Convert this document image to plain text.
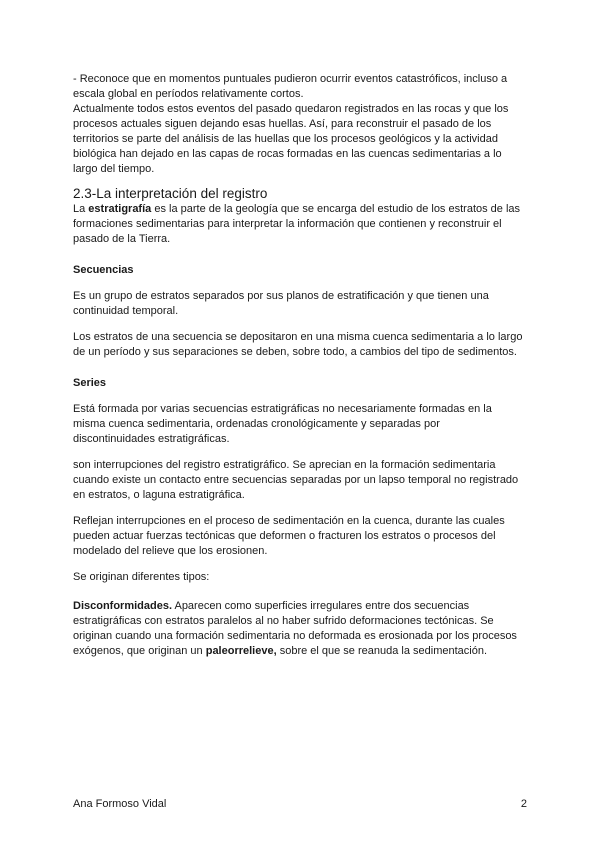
- Reconoce que en momentos puntuales pudieron ocurrir eventos catastróficos, incluso a escala global en períodos relativamente cortos.

Actualmente todos estos eventos del pasado quedaron registrados en las rocas y que los procesos actuales siguen dejando esas huellas. Así, para reconstruir el pasado de los territorios se parte del análisis de las huellas que los procesos geológicos y la actividad biológica han dejado en las capas de rocas formadas en las cuencas sedimentarias a lo largo del tiempo.

2.3-La interpretación del registro

La estratigrafía es la parte de la geología que se encarga del estudio de los estratos de las formaciones sedimentarias para interpretar la información que contienen y reconstruir el pasado de la Tierra.

Secuencias

Es un grupo de estratos separados por sus planos de estratificación y que tienen una continuidad temporal.

Los estratos de una secuencia se depositaron en una misma cuenca sedimentaria a lo largo de un período y sus separaciones se deben, sobre todo, a cambios del tipo de sedimentos.

Series

Está formada por varias secuencias estratigráficas no necesariamente formadas en la misma cuenca sedimentaria, ordenadas cronológicamente y separadas por discontinuidades estratigráficas.

son interrupciones del registro estratigráfico. Se aprecian en la formación sedimentaria cuando existe un contacto entre secuencias separadas por un lapso temporal no registrado en estratos, o laguna estratigráfica.

Reflejan interrupciones en el proceso de sedimentación en la cuenca, durante las cuales pueden actuar fuerzas tectónicas que deformen o fracturen los estratos o procesos del modelado del relieve que los erosionen.

Se originan diferentes tipos:

Disconformidades. Aparecen como superficies irregulares entre dos secuencias estratigráficas con estratos paralelos al no haber sufrido deformaciones tectónicas. Se originan cuando una formación sedimentaria no deformada es erosionada por los procesos exógenos, que originan un paleorrelieve, sobre el que se reanuda la sedimentación.

Ana Formoso Vidal	2
